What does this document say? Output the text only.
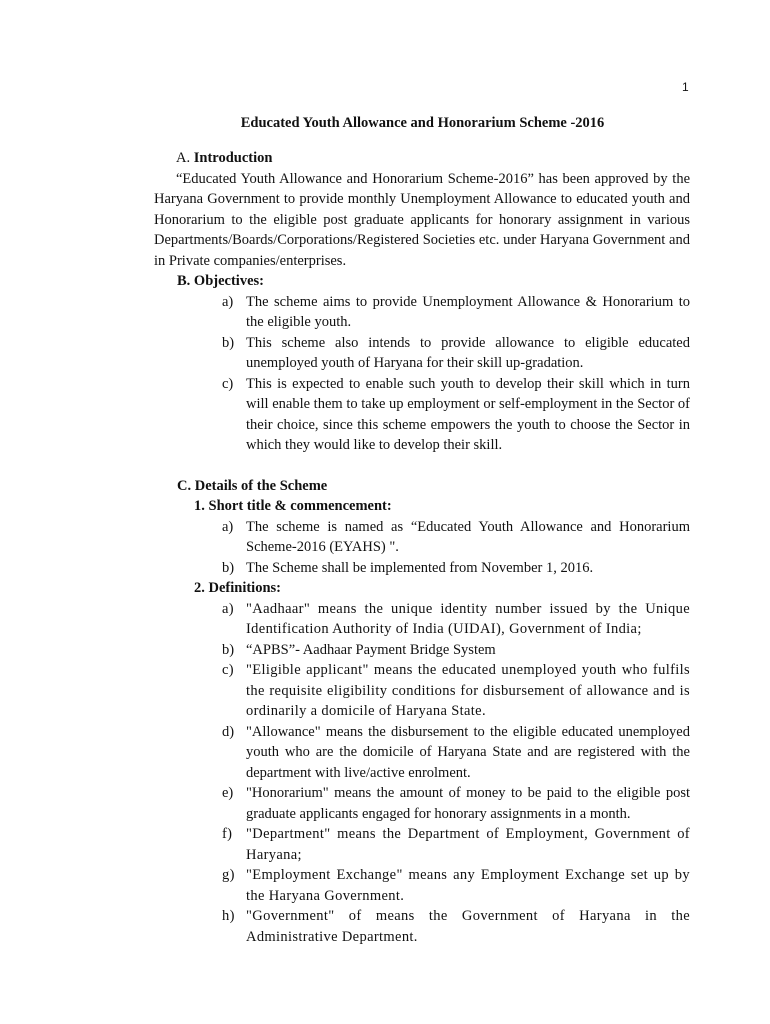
1
Educated Youth Allowance and Honorarium Scheme -2016
A. Introduction

“Educated Youth Allowance and Honorarium Scheme-2016” has been approved by the Haryana Government to provide monthly Unemployment Allowance to educated youth and Honorarium to the eligible post graduate applicants for honorary assignment in various Departments/Boards/Corporations/Registered Societies etc. under Haryana Government and in Private companies/enterprises.

B. Objectives:
a) The scheme aims to provide Unemployment Allowance & Honorarium to the eligible youth.
b) This scheme also intends to provide allowance to eligible educated unemployed youth of Haryana for their skill up-gradation.
c) This is expected to enable such youth to develop their skill which in turn will enable them to take up employment or self-employment in the Sector of their choice, since this scheme empowers the youth to choose the Sector in which they would like to develop their skill.
C. Details of the Scheme
1. Short title & commencement:
a) The scheme is named as “Educated Youth Allowance and Honorarium Scheme-2016 (EYAHS) ".
b) The Scheme shall be implemented from November 1, 2016.
2. Definitions:
a) "Aadhaar" means the unique identity number issued by the Unique Identification Authority of India (UIDAI), Government of India;
b) “APBS”- Aadhaar Payment Bridge System
c) "Eligible applicant" means the educated unemployed youth who fulfils the requisite eligibility conditions for disbursement of allowance and is ordinarily a domicile of Haryana State.
d) "Allowance" means the disbursement to the eligible educated unemployed youth who are the domicile of Haryana State and are registered with the department with live/active enrolment.
e) "Honorarium" means the amount of money to be paid to the eligible post graduate applicants engaged for honorary assignments in a month.
f) "Department" means the Department of Employment, Government of Haryana;
g) "Employment Exchange" means any Employment Exchange set up by the Haryana Government.
h) "Government" of means the Government of Haryana in the Administrative Department.
